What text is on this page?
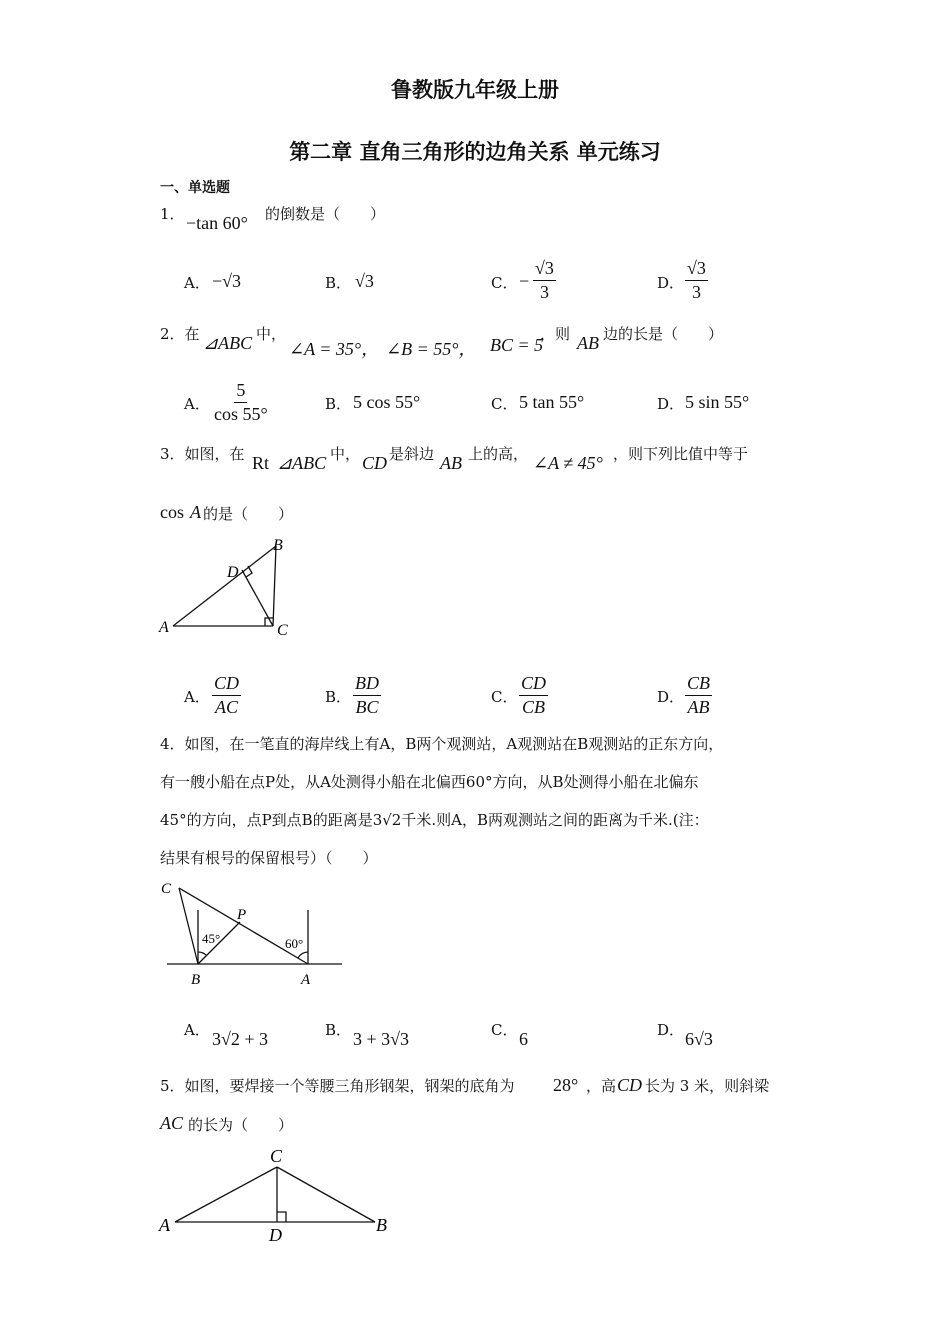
鲁教版九年级上册
第二章 直角三角形的边角关系 单元练习
一、单选题
1． −tan 60° 的倒数是（　　）
A． −√3	B． √3	C． − $\frac{√3}{3}$	D． $\frac{√3}{3}$
2．在 ⊿ABC 中，
∠A = 35°， ∠B = 55°， BC = 5
，则 AB 边的长是（　　）
A． $\frac{5}{\cos 55^\circ}$	B． 5 cos 55°	C． 5 tan 55°	D． 5 sin 55°
3．如图，在 Rt ⊿ABC 中， CD 是斜边 AB 上的高， ∠A ≠ 45° ，则下列比值中等于
cos A 的是（　　）
A
B
C
D
A． $\frac{CD}{AC}$	B． $\frac{BD}{BC}$	C． $\frac{CD}{CB}$	D． $\frac{CB}{AB}$
4．如图，在一笔直的海岸线上有A，B两个观测站，A观测站在B观测站的正东方向，
有一艘小船在点P处，从A处测得小船在北偏西60°方向，从B处测得小船在北偏东
45°的方向，点P到点B的距离是3√2千米.则A，B两观测站之间的距离为千米.(注：
结果有根号的保留根号）（　　）
C
P
B	A
45°	60°
A． 3√2 + 3	B． 3 + 3√3	C． 6	D． 6√3
5．如图，要焊接一个等腰三角形钢架，钢架的底角为 28° ，高 CD 长为 3 米，则斜梁
AC 的长为（　　）
A	B
C
D
